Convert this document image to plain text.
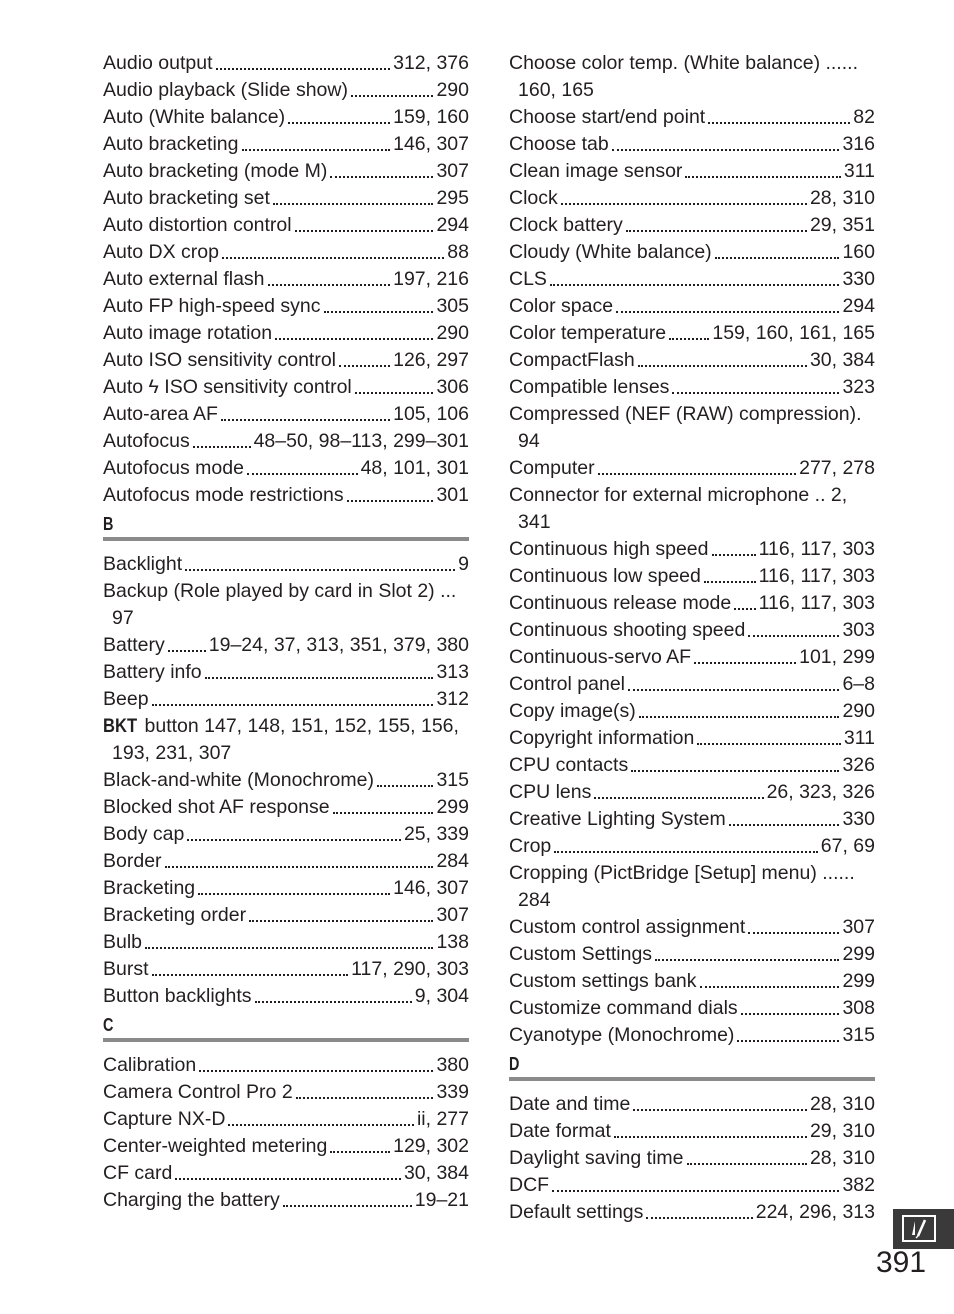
Audio output	312, 376
Audio playback (Slide show)	290
Auto (White balance)	159, 160
Auto bracketing	146, 307
Auto bracketing (mode M)	307
Auto bracketing set	295
Auto distortion control	294
Auto DX crop	88
Auto external flash	197, 216
Auto FP high-speed sync	305
Auto image rotation	290
Auto ISO sensitivity control	126, 297
Auto ϟ ISO sensitivity control	306
Auto-area AF	105, 106
Autofocus	48–50, 98–113, 299–301
Autofocus mode	48, 101, 301
Autofocus mode restrictions	301
B
Backlight	9
Backup (Role played by card in Slot 2) ...
97
Battery 19–24, 37, 313, 351, 379, 380
Battery info	313
Beep	312
BKT button 147, 148, 151, 152, 155, 156,
193, 231, 307
Black-and-white (Monochrome)	315
Blocked shot AF response	299
Body cap	25, 339
Border	284
Bracketing	146, 307
Bracketing order	307
Bulb	138
Burst	117, 290, 303
Button backlights	9, 304
C
Calibration	380
Camera Control Pro 2	339
Capture NX-D	ii, 277
Center-weighted metering	129, 302
CF card	30, 384
Charging the battery	19–21
Choose color temp. (White balance) ......
160, 165
Choose start/end point	82
Choose tab	316
Clean image sensor	311
Clock	28, 310
Clock battery	29, 351
Cloudy (White balance)	160
CLS	330
Color space	294
Color temperature 159, 160, 161, 165
CompactFlash	30, 384
Compatible lenses	323
Compressed (NEF (RAW) compression).
94
Computer	277, 278
Connector for external microphone .. 2,
341
Continuous high speed	116, 117, 303
Continuous low speed	116, 117, 303
Continuous release mode 116, 117, 303
Continuous shooting speed	303
Continuous-servo AF	101, 299
Control panel	6–8
Copy image(s)	290
Copyright information	311
CPU contacts	326
CPU lens	26, 323, 326
Creative Lighting System	330
Crop	67, 69
Cropping (PictBridge [Setup] menu) ......
284
Custom control assignment	307
Custom Settings	299
Custom settings bank	299
Customize command dials	308
Cyanotype (Monochrome)	315
D
Date and time	28, 310
Date format	29, 310
Daylight saving time	28, 310
DCF	382
Default settings	224, 296, 313
391
